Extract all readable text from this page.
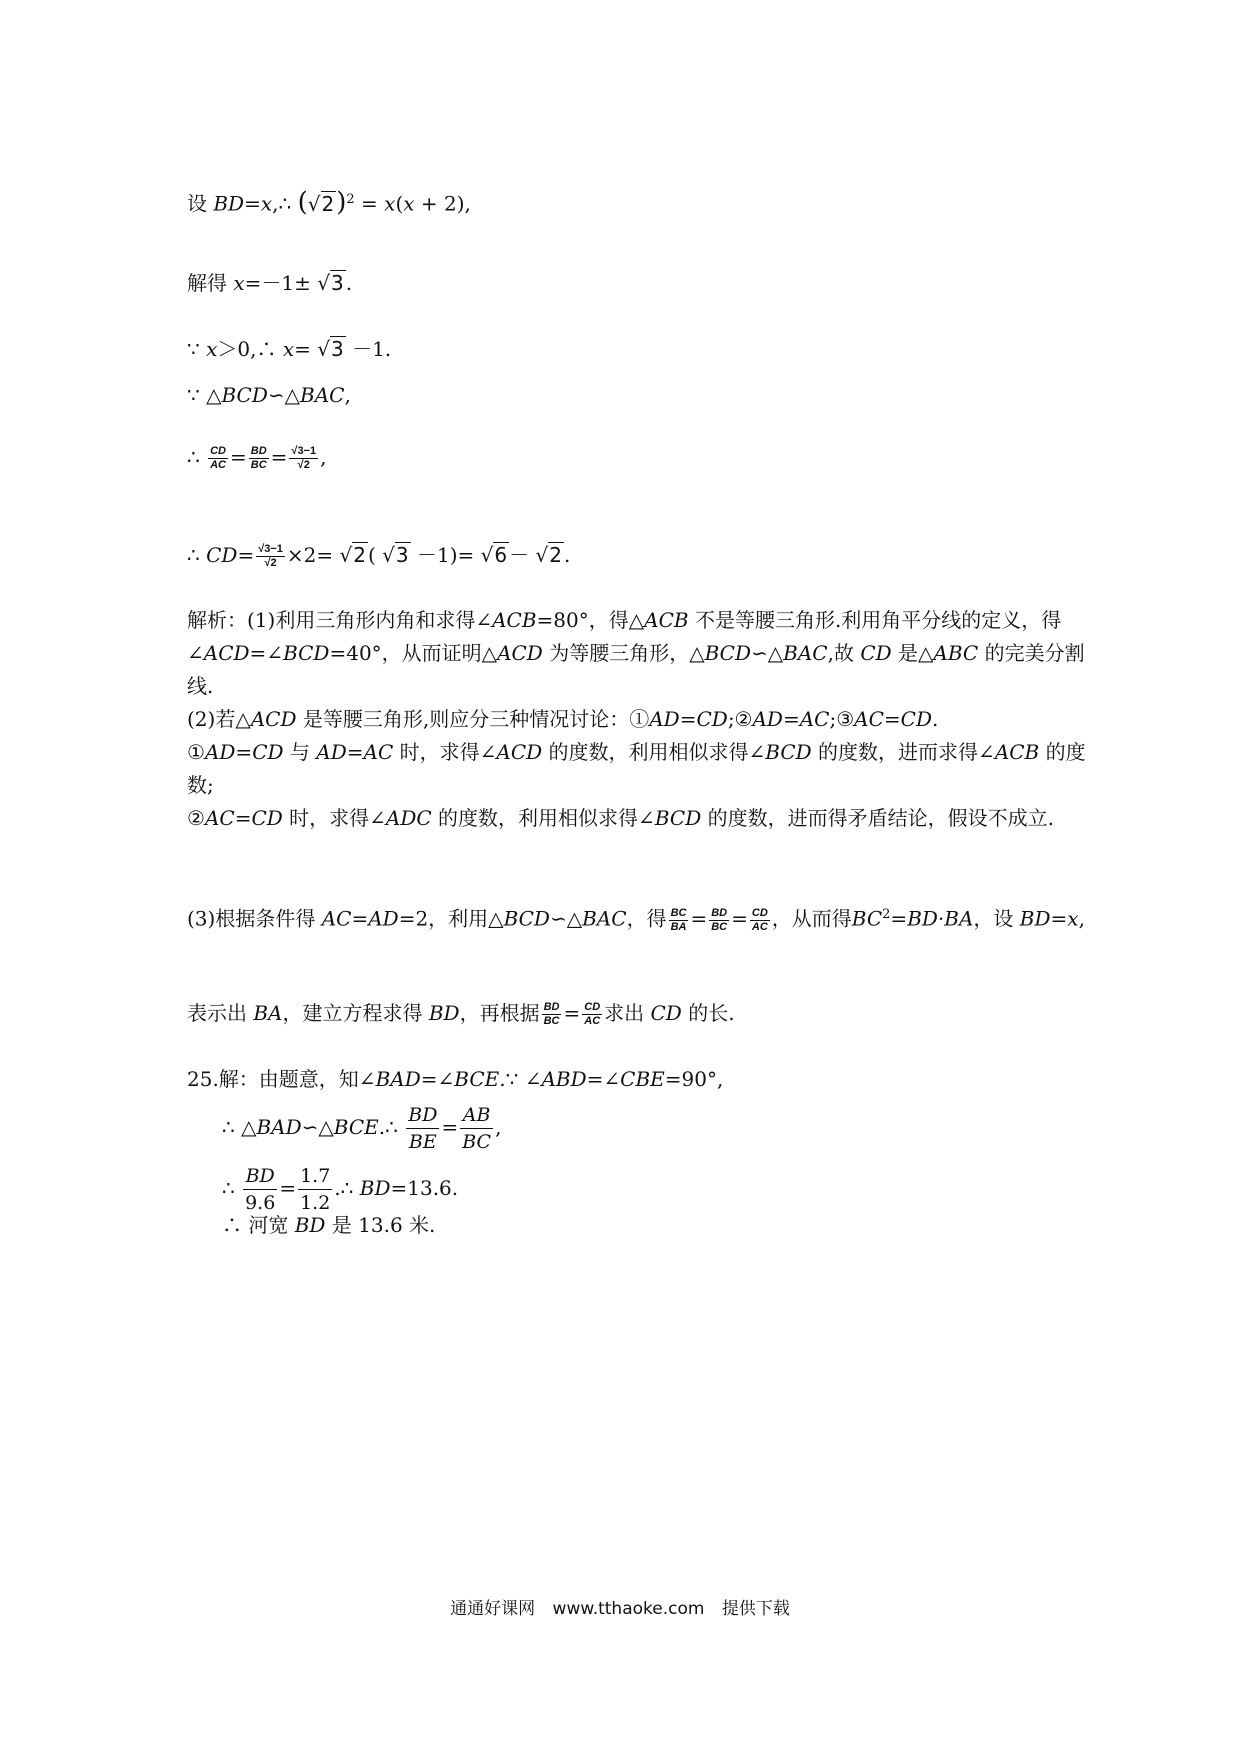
设 BD=x,∴ $(√2)^2 = x(x + 2)$,
解得 x=－1± √3 .
∵ x＞0,∴ x= √3 －1.
∵ △BCD∽△BAC,
∴ $\frac{CD}{AC} = \frac{BD}{BC} = \frac{√3-1}{√2}$ ,
∴ $CD= \frac{√3-1}{√2} \times 2= √2$ ( √3 －1)= √6 － √2 .
解析：(1)利用三角形内角和求得∠ACB=80°，得△ACB 不是等腰三角形.利用角平分线的定义，得∠ACD=∠BCD=40°，从而证明△ACD 为等腰三角形，△BCD∽△BAC,故 CD 是△ABC 的完美分割线.
(2)若△ACD 是等腰三角形,则应分三种情况讨论：①AD=CD;②AD=AC;③AC=CD.
①AD=CD 与 AD=AC 时，求得∠ACD 的度数，利用相似求得∠BCD 的度数，进而求得∠ACB 的度数;
②AC=CD 时，求得∠ADC 的度数，利用相似求得∠BCD 的度数，进而得矛盾结论，假设不成立.
(3)根据条件得 AC=AD=2，利用△BCD∽△BAC，得 $\frac{BC}{BA} = \frac{BD}{BC} = \frac{CD}{AC}$ ，从而得$BC^2=BD\cdot BA$，设 BD=x,
表示出 BA，建立方程求得 BD，再根据 $\frac{BD}{BC} = \frac{CD}{AC}$ 求出 CD 的长.
25.解：由题意，知∠BAD=∠BCE.∵ ∠ABD=∠CBE=90°,
∴ △BAD∽△BCE.∴ $\frac{BD}{BE} = \frac{AB}{BC}$ ,
∴ $\frac{BD}{9.6} = \frac{1.7}{1.2}$ .∴ BD=13.6.
∴ 河宽 BD 是 13.6 米.
通通好课网 www.tthaoke.com 提供下载
